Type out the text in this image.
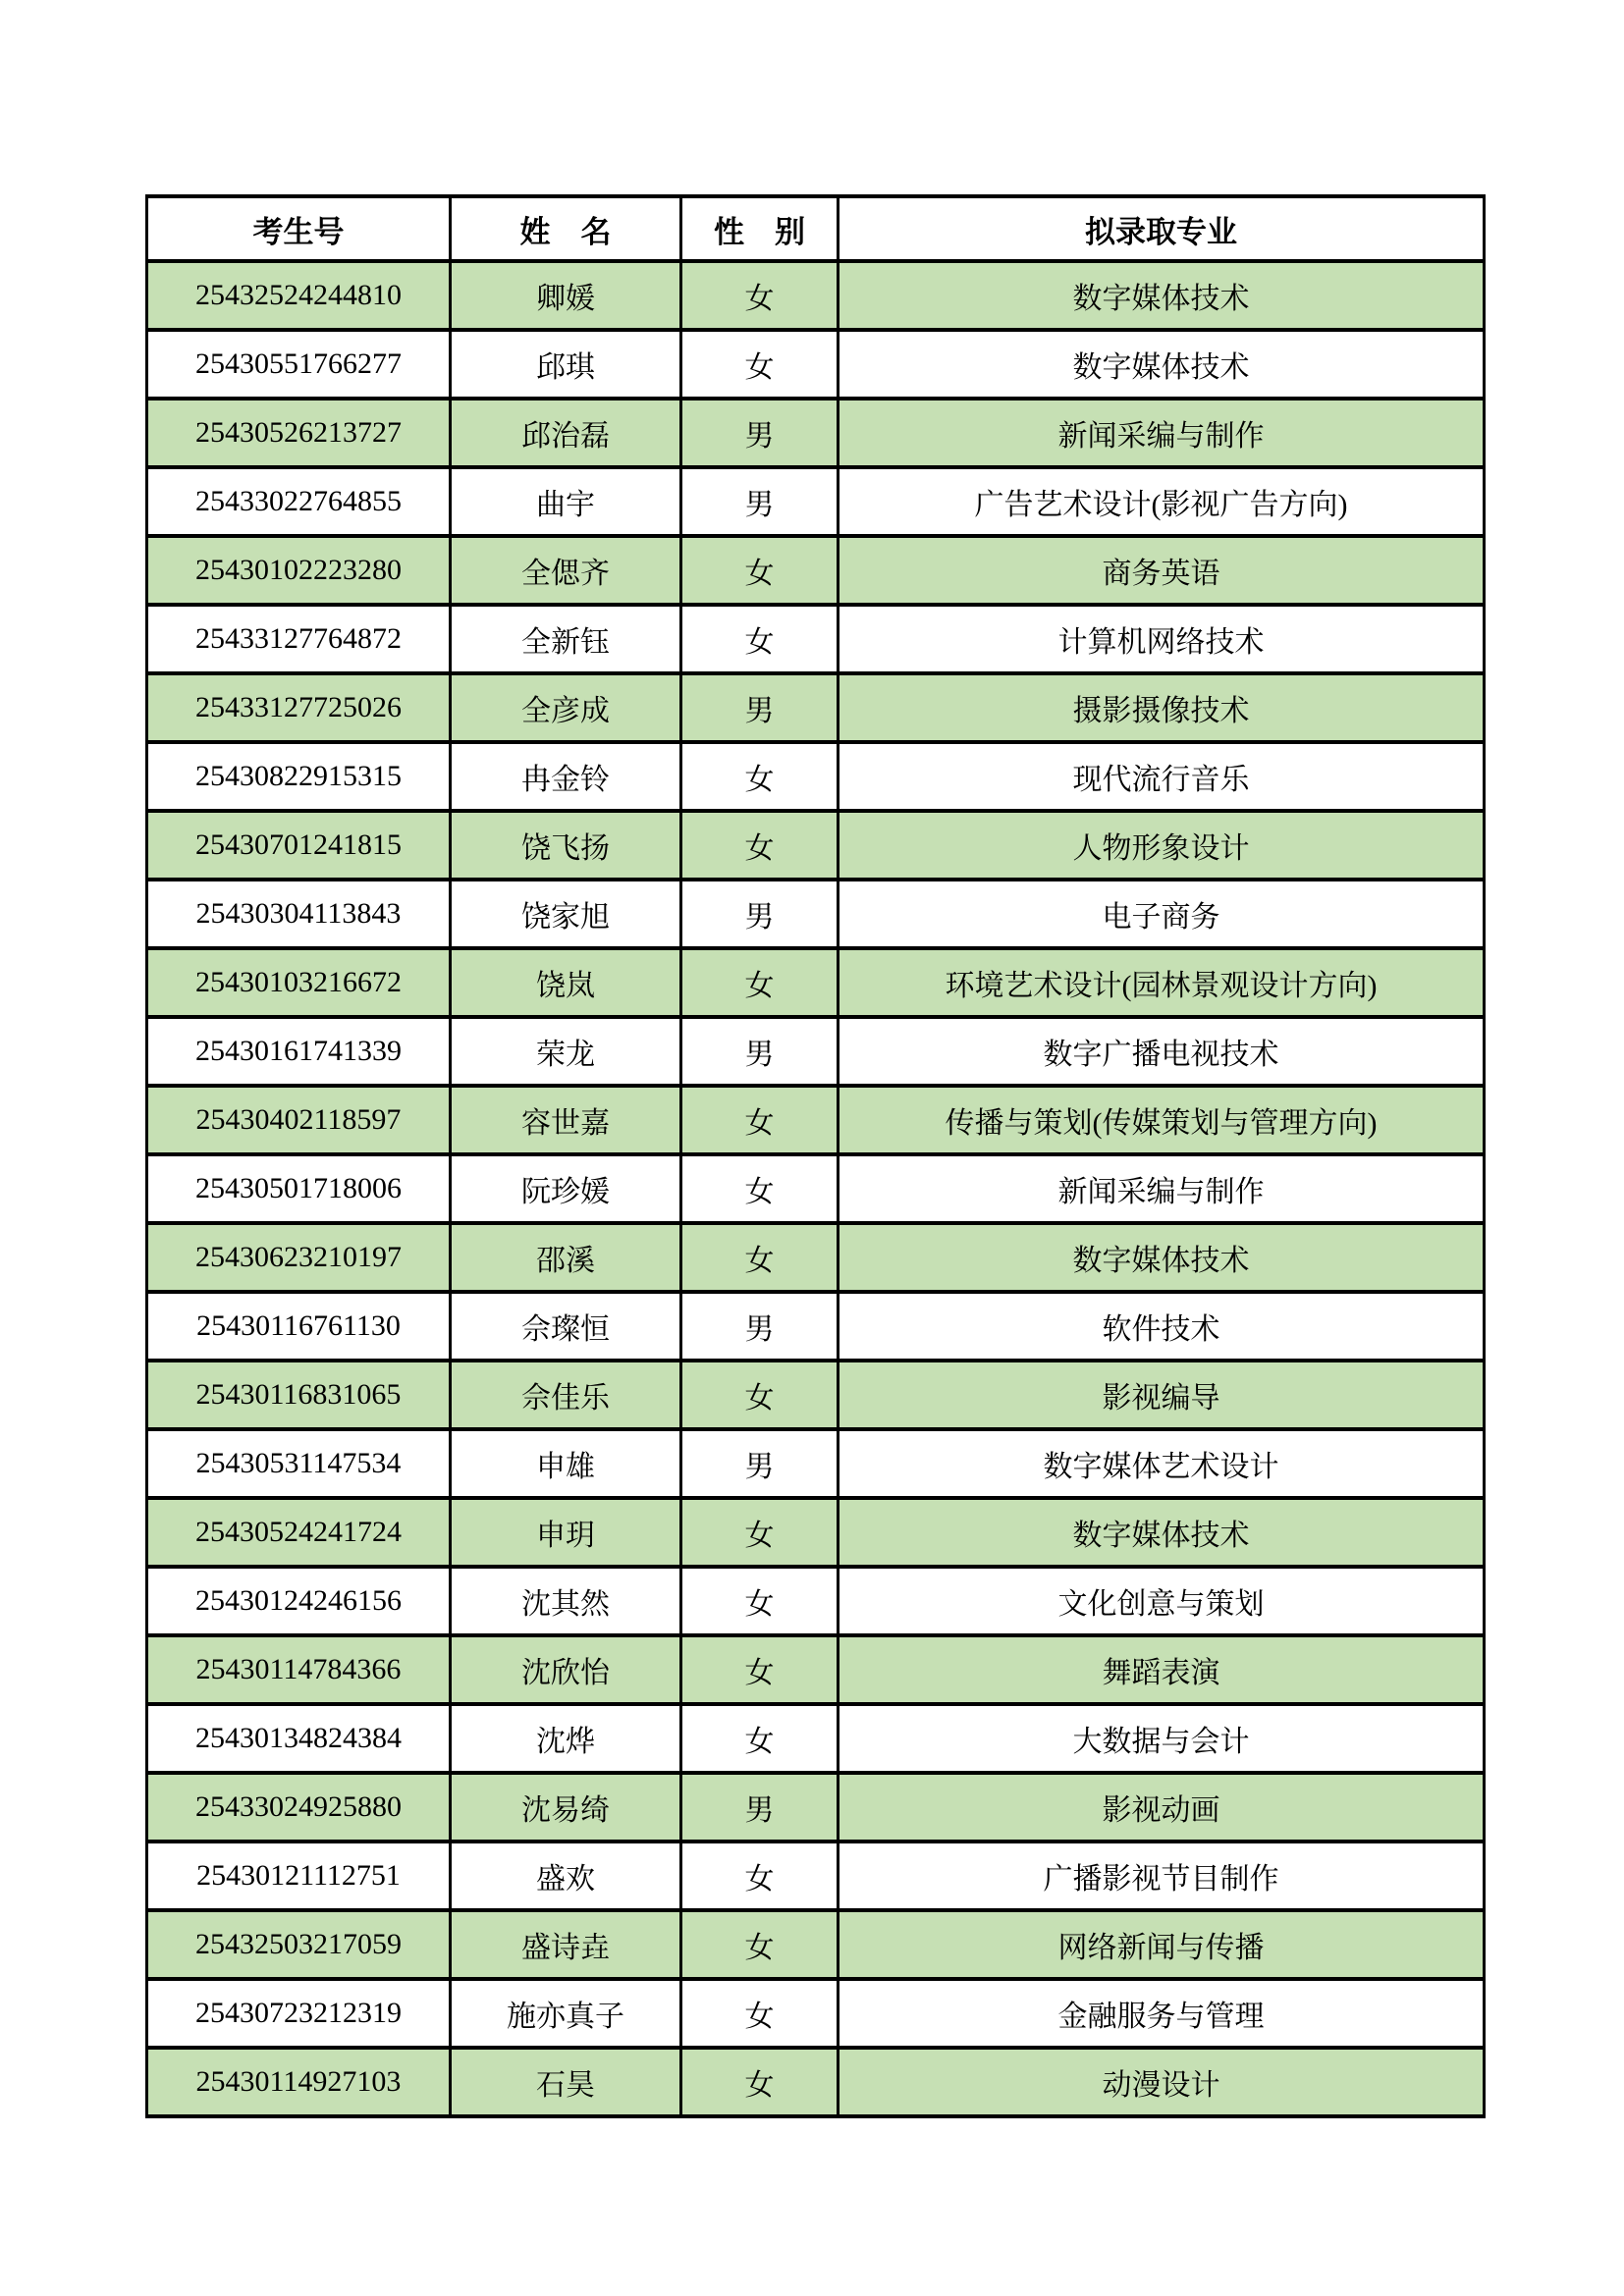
考生号	姓　名	性　别	拟录取专业
25432524244810	卿媛	女	数字媒体技术
25430551766277	邱琪	女	数字媒体技术
25430526213727	邱治磊	男	新闻采编与制作
25433022764855	曲宇	男	广告艺术设计(影视广告方向)
25430102223280	全偲齐	女	商务英语
25433127764872	全新钰	女	计算机网络技术
25433127725026	全彦成	男	摄影摄像技术
25430822915315	冉金铃	女	现代流行音乐
25430701241815	饶飞扬	女	人物形象设计
25430304113843	饶家旭	男	电子商务
25430103216672	饶岚	女	环境艺术设计(园林景观设计方向)
25430161741339	荣龙	男	数字广播电视技术
25430402118597	容世嘉	女	传播与策划(传媒策划与管理方向)
25430501718006	阮珍媛	女	新闻采编与制作
25430623210197	邵溪	女	数字媒体技术
25430116761130	佘璨恒	男	软件技术
25430116831065	佘佳乐	女	影视编导
25430531147534	申雄	男	数字媒体艺术设计
25430524241724	申玥	女	数字媒体技术
25430124246156	沈其然	女	文化创意与策划
25430114784366	沈欣怡	女	舞蹈表演
25430134824384	沈烨	女	大数据与会计
25433024925880	沈易绮	男	影视动画
25430121112751	盛欢	女	广播影视节目制作
25432503217059	盛诗垚	女	网络新闻与传播
25430723212319	施亦真子	女	金融服务与管理
25430114927103	石昊	女	动漫设计
